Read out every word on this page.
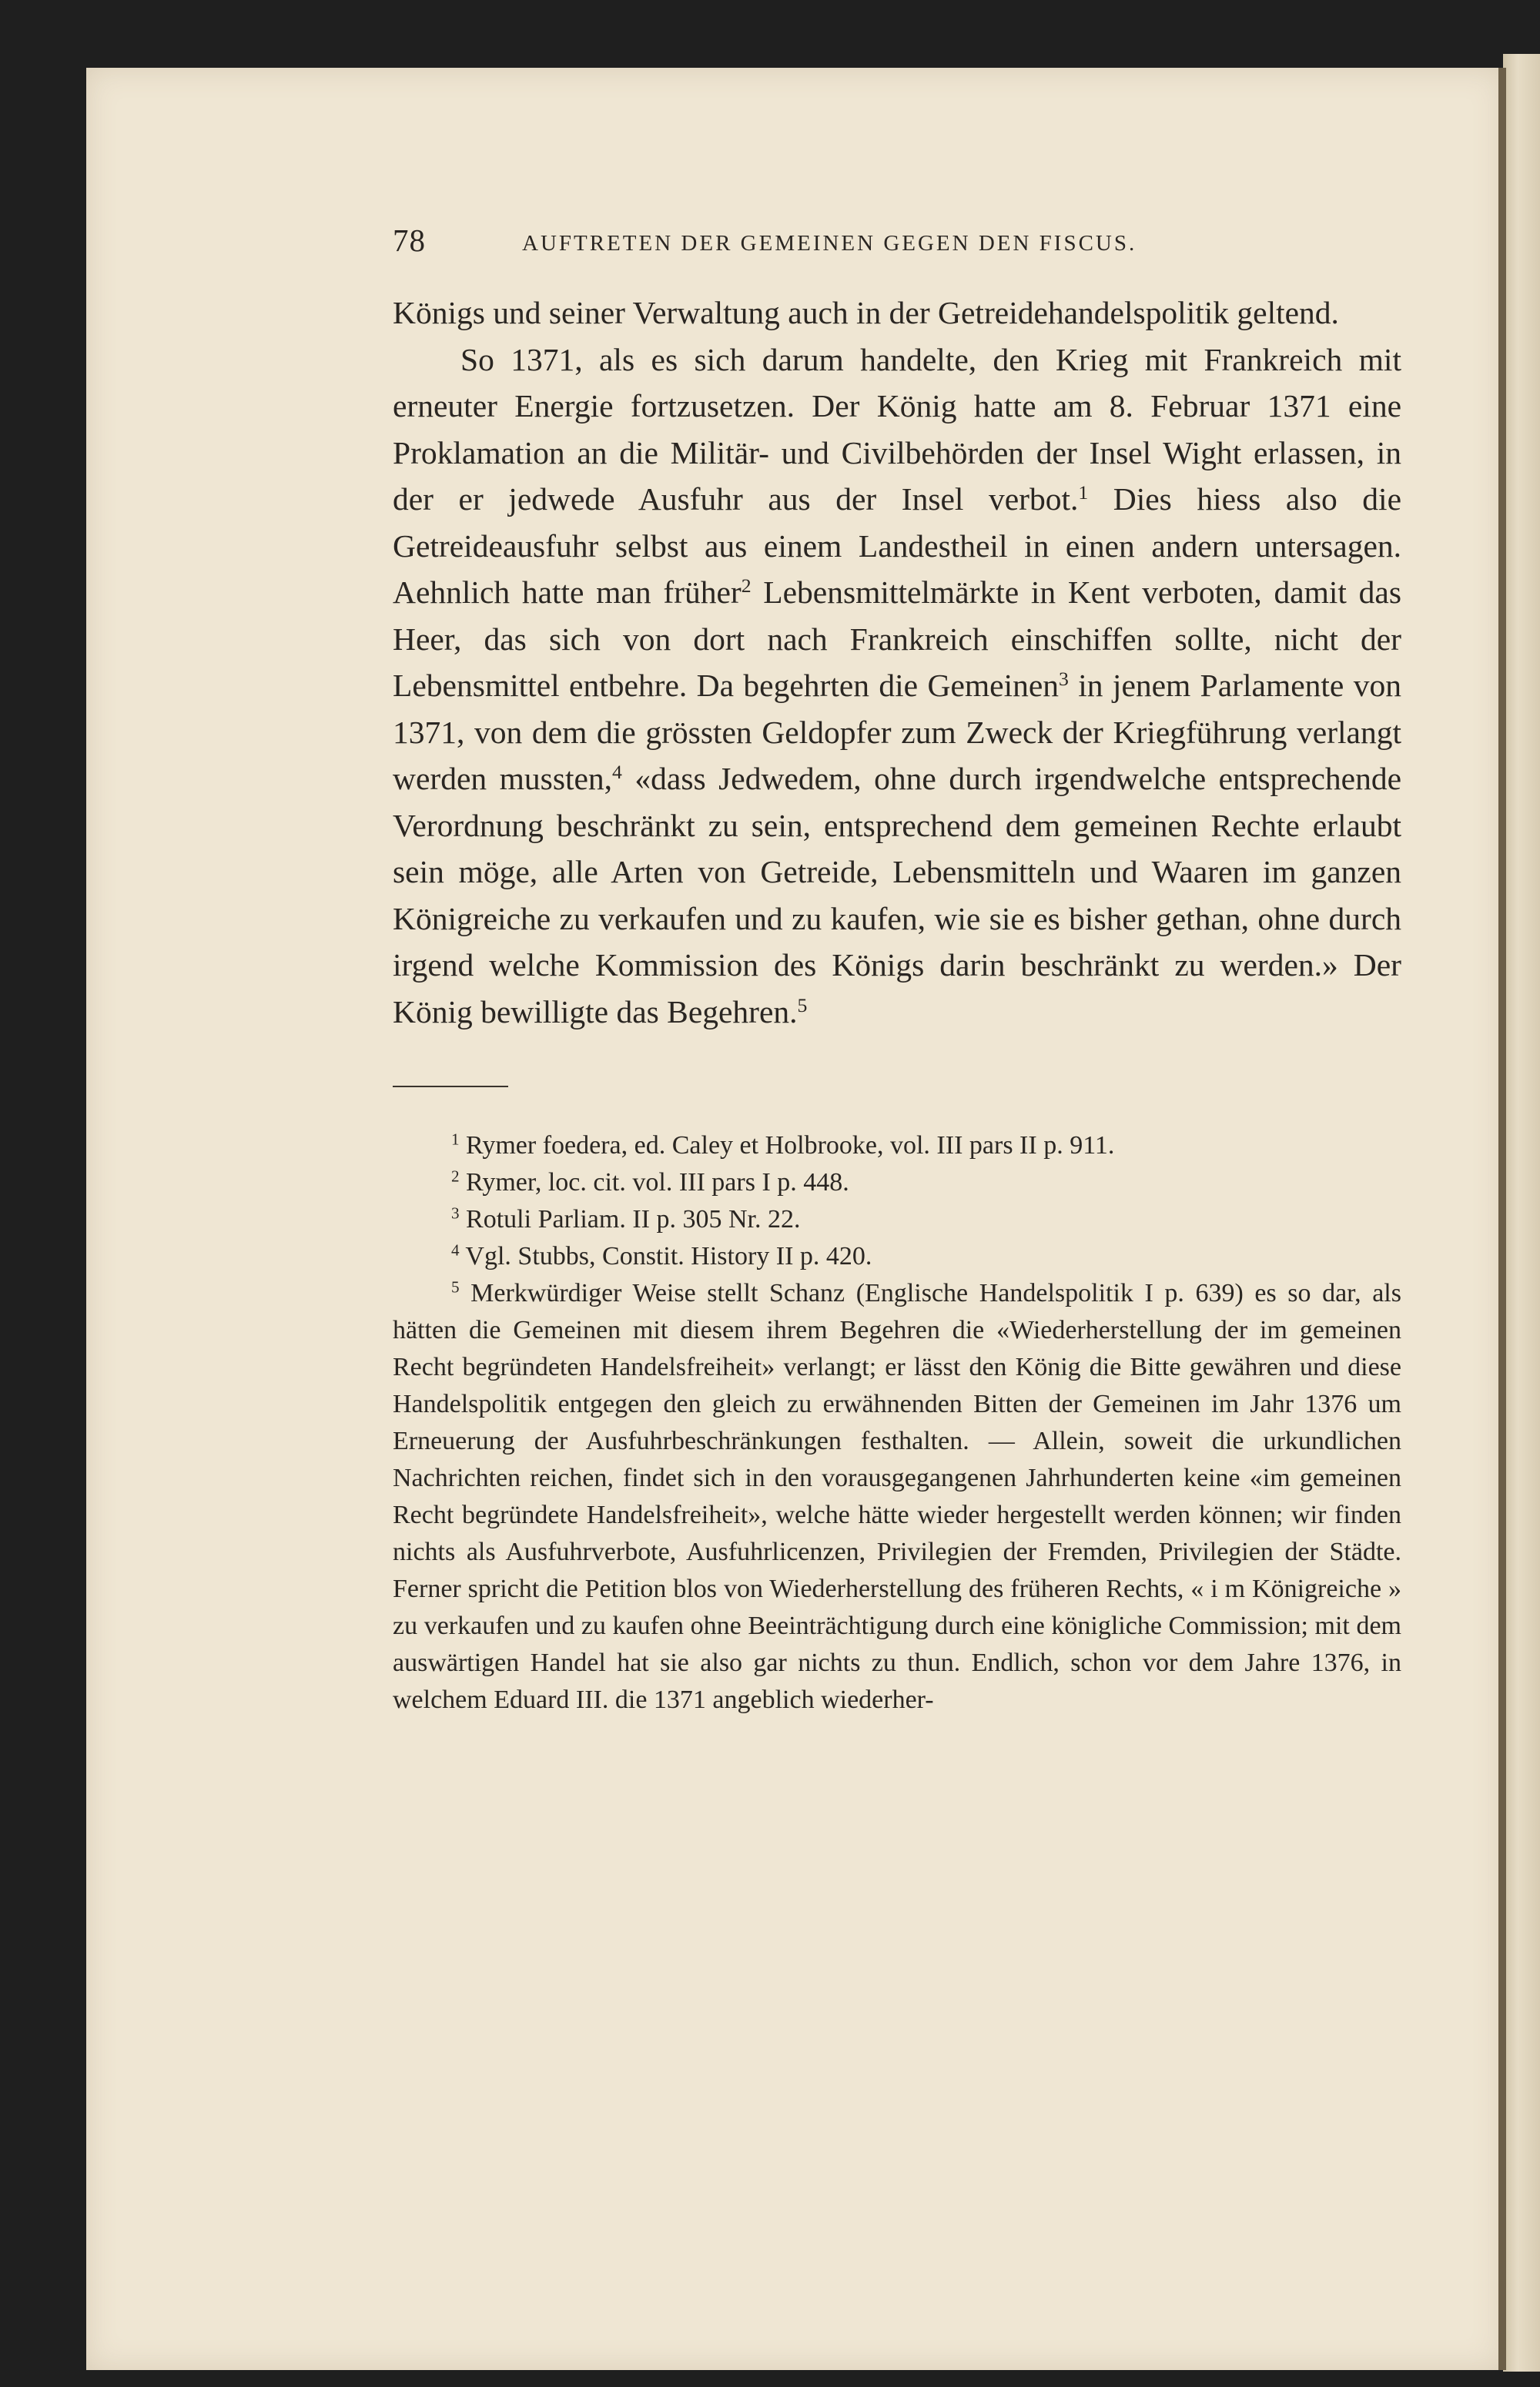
78	AUFTRETEN DER GEMEINEN GEGEN DEN FISCUS.

Königs und seiner Verwaltung auch in der Getreidehandelspolitik geltend.

So 1371, als es sich darum handelte, den Krieg mit Frankreich mit erneuter Energie fortzusetzen. Der König hatte am 8. Februar 1371 eine Proklamation an die Militär- und Civilbehörden der Insel Wight erlassen, in der er jedwede Ausfuhr aus der Insel verbot.$^1$ Dies hiess also die Getreideausfuhr selbst aus einem Landestheil in einen andern untersagen. Aehnlich hatte man früher$^2$ Lebensmittelmärkte in Kent verboten, damit das Heer, das sich von dort nach Frankreich einschiffen sollte, nicht der Lebensmittel entbehre. Da begehrten die Gemeinen$^3$ in jenem Parlamente von 1371, von dem die grössten Geldopfer zum Zweck der Kriegführung verlangt werden mussten,$^4$ «dass Jedwedem, ohne durch irgendwelche entsprechende Verordnung beschränkt zu sein, entsprechend dem gemeinen Rechte erlaubt sein möge, alle Arten von Getreide, Lebensmitteln und Waaren im ganzen Königreiche zu verkaufen und zu kaufen, wie sie es bisher gethan, ohne durch irgend welche Kommission des Königs darin beschränkt zu werden.» Der König bewilligte das Begehren.$^5$

$^1$ Rymer foedera, ed. Caley et Holbrooke, vol. III pars II p. 911.

$^2$ Rymer, loc. cit. vol. III pars I p. 448.

$^3$ Rotuli Parliam. II p. 305 Nr. 22.

$^4$ Vgl. Stubbs, Constit. History II p. 420.

$^5$ Merkwürdiger Weise stellt Schanz (Englische Handelspolitik I p. 639) es so dar, als hätten die Gemeinen mit diesem ihrem Begehren die «Wiederherstellung der im gemeinen Recht begründeten Handelsfreiheit» verlangt; er lässt den König die Bitte gewähren und diese Handelspolitik entgegen den gleich zu erwähnenden Bitten der Gemeinen im Jahr 1376 um Erneuerung der Ausfuhrbeschränkungen festhalten. — Allein, soweit die urkundlichen Nachrichten reichen, findet sich in den vorausgegangenen Jahrhunderten keine «im gemeinen Recht begründete Handelsfreiheit», welche hätte wieder hergestellt werden können; wir finden nichts als Ausfuhrverbote, Ausfuhrlicenzen, Privilegien der Fremden, Privilegien der Städte. Ferner spricht die Petition blos von Wiederherstellung des früheren Rechts, « i m Königreiche » zu verkaufen und zu kaufen ohne Beeinträchtigung durch eine königliche Commission; mit dem auswärtigen Handel hat sie also gar nichts zu thun. Endlich, schon vor dem Jahre 1376, in welchem Eduard III. die 1371 angeblich wiederher-
